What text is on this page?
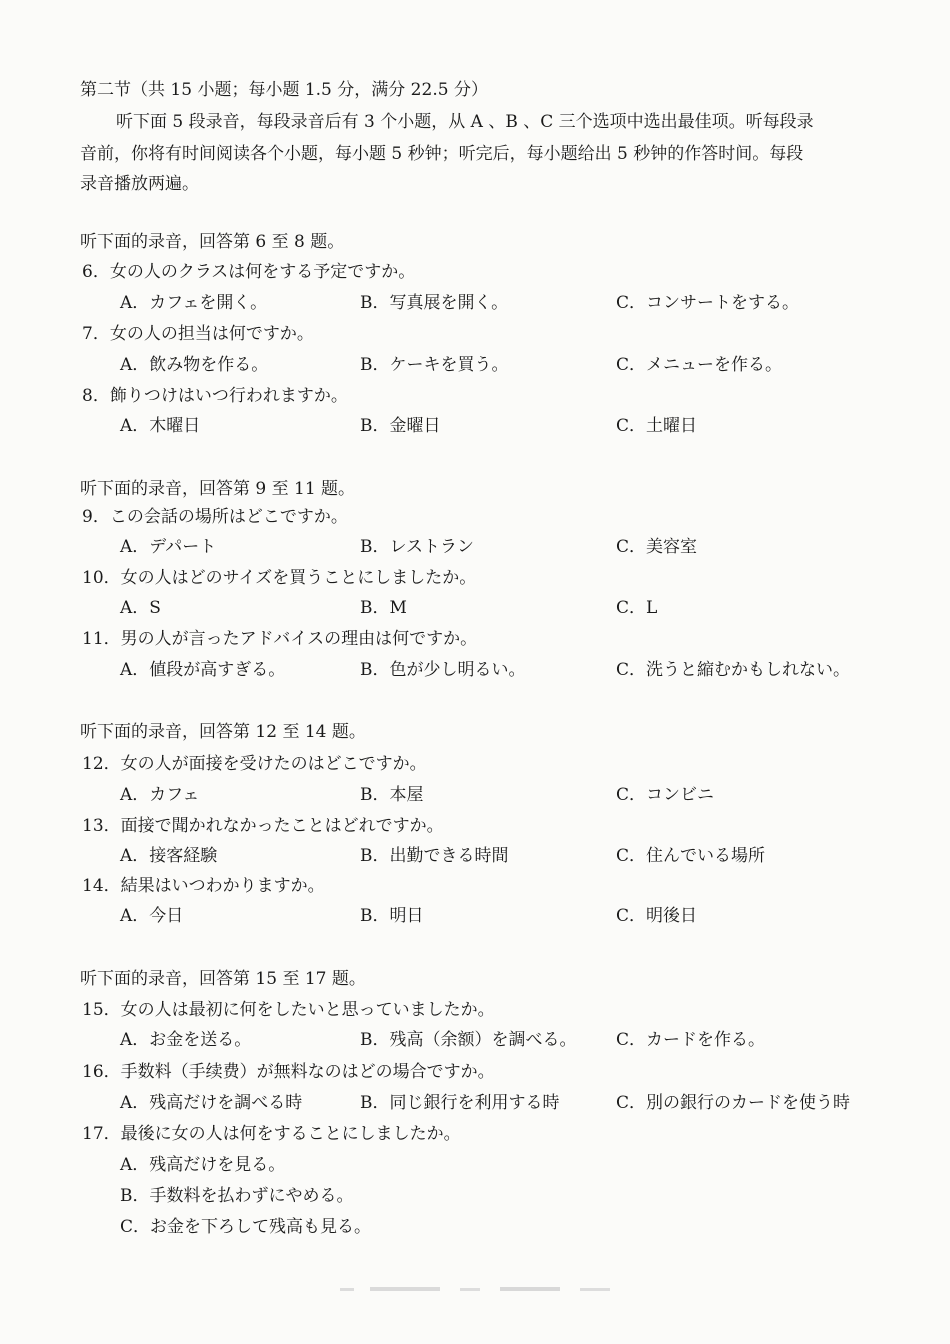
第二节（共 15 小题；每小题 1.5 分，满分 22.5 分）
听下面 5 段录音，每段录音后有 3 个小题，从 A 、B 、C 三个选项中选出最佳项。听每段录
音前，你将有时间阅读各个小题，每小题 5 秒钟；听完后，每小题给出 5 秒钟的作答时间。每段
录音播放两遍。
听下面的录音，回答第 6 至 8 题。
6．女の人のクラスは何をする予定ですか。
A．カフェを開く。	B．写真展を開く。	C．コンサートをする。
7．女の人の担当は何ですか。
A．飲み物を作る。	B．ケーキを買う。	C．メニューを作る。
8．飾りつけはいつ行われますか。
A．木曜日	B．金曜日	C．土曜日
听下面的录音，回答第 9 至 11 题。
9．この会話の場所はどこですか。
A．デパート	B．レストラン	C．美容室
10．女の人はどのサイズを買うことにしましたか。
A．S	B．M	C．L
11．男の人が言ったアドバイスの理由は何ですか。
A．値段が高すぎる。	B．色が少し明るい。	C．洗うと縮むかもしれない。
听下面的录音，回答第 12 至 14 题。
12．女の人が面接を受けたのはどこですか。
A．カフェ	B．本屋	C．コンビニ
13．面接で聞かれなかったことはどれですか。
A．接客経験	B．出勤できる時間	C．住んでいる場所
14．結果はいつわかりますか。
A．今日	B．明日	C．明後日
听下面的录音，回答第 15 至 17 题。
15．女の人は最初に何をしたいと思っていましたか。
A．お金を送る。	B．残高（余额）を調べる。 C．カードを作る。
16．手数料（手续费）が無料なのはどの場合ですか。
A．残高だけを調べる時	B．同じ銀行を利用する時	C．別の銀行のカードを使う時
17．最後に女の人は何をすることにしましたか。
A．残高だけを見る。
B．手数料を払わずにやめる。
C．お金を下ろして残高も見る。
